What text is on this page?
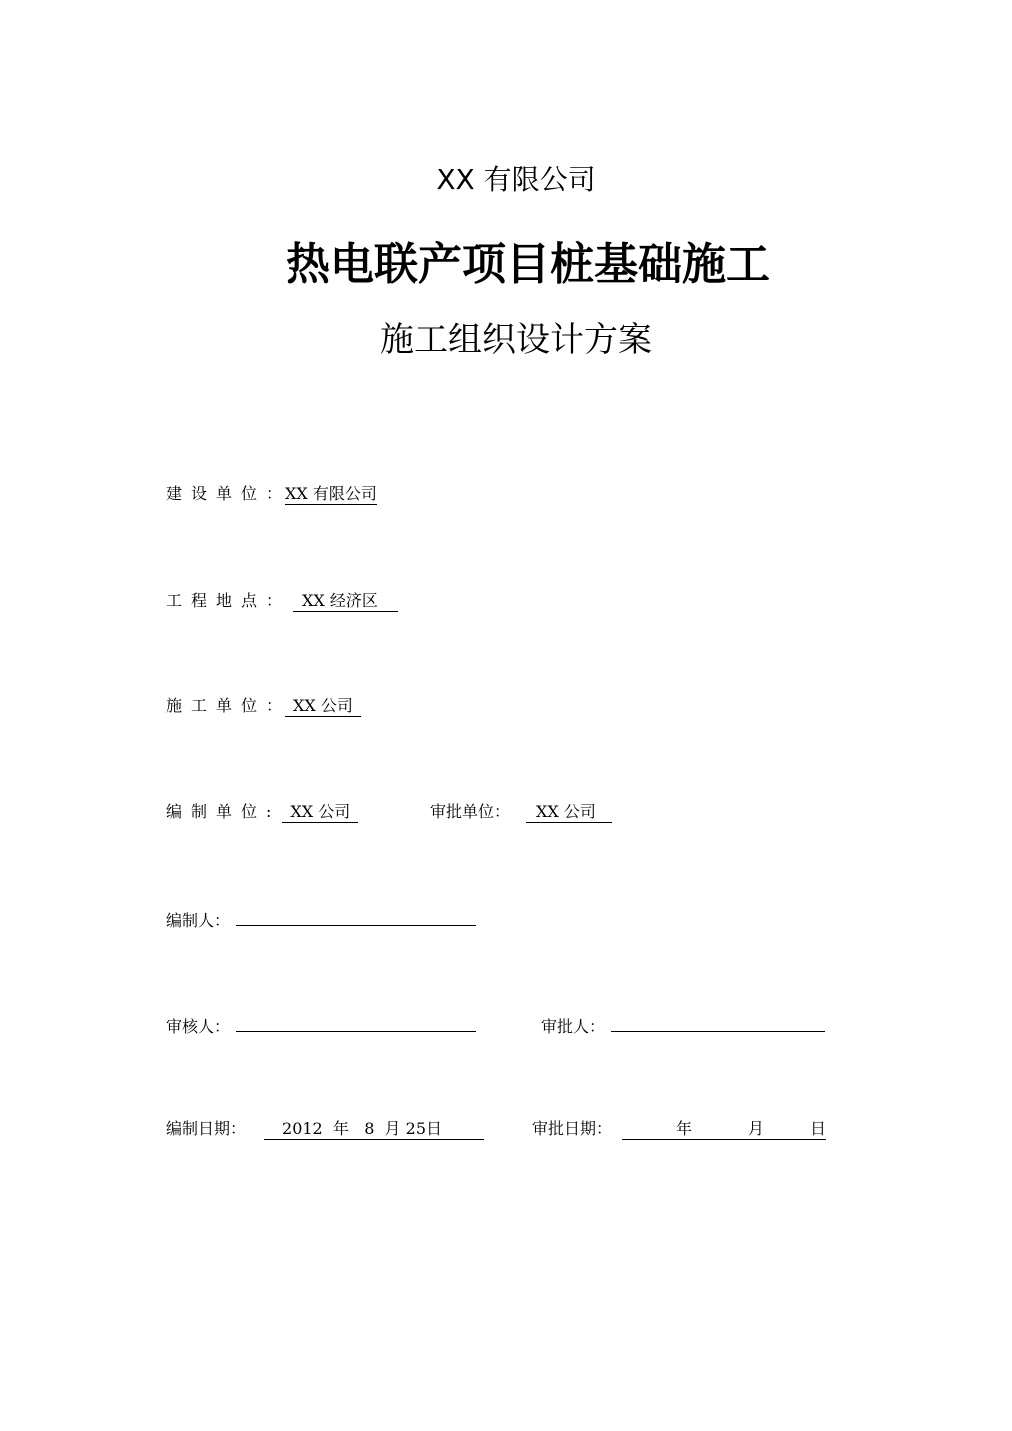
XX 有限公司
热电联产项目桩基础施工
施工组织设计方案
建设单位：XX 有限公司
工程地点： XX 经济区
施工单位： XX 公司
编制单位: XX 公司	审批单位： XX 公司
编制人：
审核人：	审批人：
编制日期： 2012 年 8 月 25日	审批日期：	年	月	日
